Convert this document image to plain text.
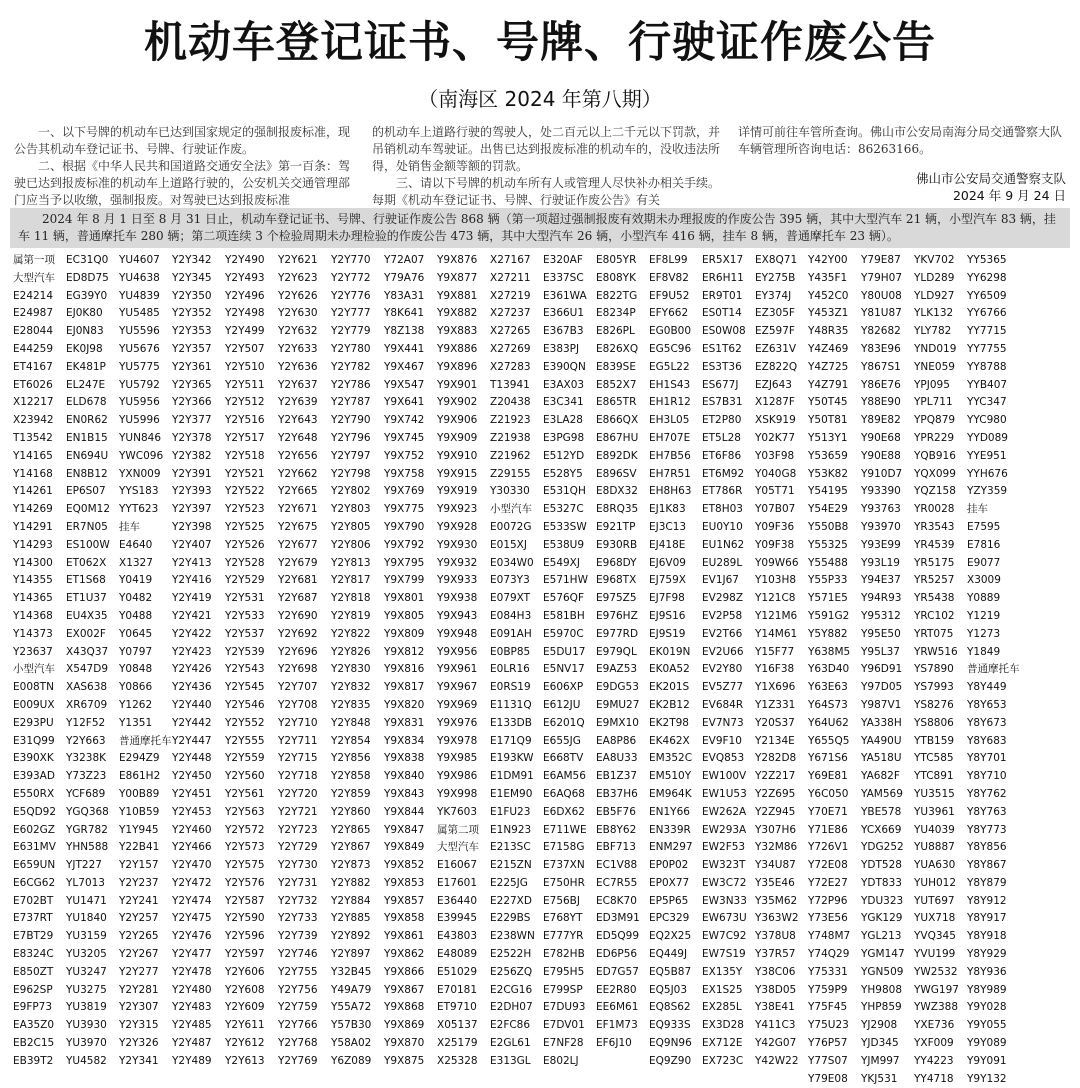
机动车登记证书、号牌、行驶证作废公告
（南海区 2024 年第八期）

一、以下号牌的机动车已达到国家规定的强制报废标准，现公告其机动车登记证书、号牌、行驶证作废。

二、根据《中华人民共和国道路交通安全法》第一百条：驾驶已达到报废标准的机动车上道路行驶的，公安机关交通管理部门应当予以收缴，强制报废。对驾驶已达到报废标准

的机动车上道路行驶的驾驶人，处二百元以上二千元以下罚款，并吊销机动车驾驶证。出售已达到报废标准的机动车的，没收违法所得，处销售金额等额的罚款。

三、请以下号牌的机动车所有人或管理人尽快补办相关手续。每期《机动车登记证书、号牌、行驶证作废公告》有关

详情可前往车管所查询。佛山市公安局南海分局交通警察大队车辆管理所咨询电话：86263166。

佛山市公安局交通警察支队
2024 年 9 月 24 日
2024 年 8 月 1 日至 8 月 31 日止，机动车登记证书、号牌、行驶证作废公告 868 辆（第一项超过强制报废有效期未办理报废的作废公告 395 辆，其中大型汽车 21 辆，小型汽车 83 辆，挂车 11 辆，普通摩托车 280 辆；第二项连续 3 个检验周期未办理检验的作废公告 473 辆，其中大型汽车 26 辆，小型汽车 416 辆，挂车 8 辆，普通摩托车 23 辆）。
属第一项
大型汽车
E24214
E24987
E28044
E44259
ET4167
ET6026
X12217
X23942
T13542
Y14165
Y14168
Y14261
Y14269
Y14291
Y14293
Y14300
Y14355
Y14365
Y14368
Y14373
Y23637
小型汽车
E008TN
E009UX
E293PU
E31Q99
E390XK
E393AD
E550RX
E5QD92
E602GZ
E631MV
E659UN
E6CG62
E702BT
E737RT
E7BT29
E8324C
E850ZT
E962SP
E9FP73
EA35Z0
EB2C15
EB39T2
EC31Q0
ED8D75
EG39Y0
EJ0K80
EJ0N83
EK0J98
EK481P
EL247E
ELD678
EN0R62
EN1B15
EN694U
EN8B12
EP6S07
EQ0M12
ER7N05
ES100W
ET062X
ET1S68
ET1U37
EU4X35
EX002F
X43Q37
X547D9
XAS638
XR6709
Y12F52
Y2Y663
Y3238K
Y73Z23
YCF689
YGQ368
YGR782
YHN588
YJT227
YL7013
YU1471
YU1840
YU3159
YU3205
YU3247
YU3275
YU3819
YU3930
YU3970
YU4582
YU4607
YU4638
YU4839
YU5485
YU5596
YU5676
YU5775
YU5792
YU5956
YU5996
YUN846
YWC096
YXN009
YYS183
YYT623
挂车
E4640
X1327
Y0419
Y0482
Y0488
Y0645
Y0797
Y0848
Y0866
Y1262
Y1351
普通摩托车
E294Z9
E861H2
Y00B89
Y10B59
Y1Y945
Y22B41
Y2Y157
Y2Y237
Y2Y241
Y2Y257
Y2Y265
Y2Y267
Y2Y277
Y2Y281
Y2Y307
Y2Y315
Y2Y326
Y2Y341
Y2Y342
Y2Y345
Y2Y350
Y2Y352
Y2Y353
Y2Y357
Y2Y361
Y2Y365
Y2Y366
Y2Y377
Y2Y378
Y2Y382
Y2Y391
Y2Y393
Y2Y397
Y2Y398
Y2Y407
Y2Y413
Y2Y416
Y2Y419
Y2Y421
Y2Y422
Y2Y423
Y2Y426
Y2Y436
Y2Y440
Y2Y442
Y2Y447
Y2Y448
Y2Y450
Y2Y451
Y2Y453
Y2Y460
Y2Y466
Y2Y470
Y2Y472
Y2Y474
Y2Y475
Y2Y476
Y2Y477
Y2Y478
Y2Y480
Y2Y483
Y2Y485
Y2Y487
Y2Y489
Y2Y490
Y2Y493
Y2Y496
Y2Y498
Y2Y499
Y2Y507
Y2Y510
Y2Y511
Y2Y512
Y2Y516
Y2Y517
Y2Y518
Y2Y521
Y2Y522
Y2Y523
Y2Y525
Y2Y526
Y2Y528
Y2Y529
Y2Y531
Y2Y533
Y2Y537
Y2Y539
Y2Y543
Y2Y545
Y2Y546
Y2Y552
Y2Y555
Y2Y559
Y2Y560
Y2Y561
Y2Y563
Y2Y572
Y2Y573
Y2Y575
Y2Y576
Y2Y587
Y2Y590
Y2Y596
Y2Y597
Y2Y606
Y2Y608
Y2Y609
Y2Y611
Y2Y612
Y2Y613
Y2Y621
Y2Y623
Y2Y626
Y2Y630
Y2Y632
Y2Y633
Y2Y636
Y2Y637
Y2Y639
Y2Y643
Y2Y648
Y2Y656
Y2Y662
Y2Y665
Y2Y671
Y2Y675
Y2Y677
Y2Y679
Y2Y681
Y2Y687
Y2Y690
Y2Y692
Y2Y696
Y2Y698
Y2Y707
Y2Y708
Y2Y710
Y2Y711
Y2Y715
Y2Y718
Y2Y720
Y2Y721
Y2Y723
Y2Y729
Y2Y730
Y2Y731
Y2Y732
Y2Y733
Y2Y739
Y2Y746
Y2Y755
Y2Y756
Y2Y759
Y2Y766
Y2Y768
Y2Y769
Y2Y770
Y2Y772
Y2Y776
Y2Y777
Y2Y779
Y2Y780
Y2Y782
Y2Y786
Y2Y787
Y2Y790
Y2Y796
Y2Y797
Y2Y798
Y2Y802
Y2Y803
Y2Y805
Y2Y806
Y2Y813
Y2Y817
Y2Y818
Y2Y819
Y2Y822
Y2Y826
Y2Y830
Y2Y832
Y2Y835
Y2Y848
Y2Y854
Y2Y856
Y2Y858
Y2Y859
Y2Y860
Y2Y865
Y2Y867
Y2Y873
Y2Y882
Y2Y884
Y2Y885
Y2Y892
Y2Y897
Y32B45
Y49A79
Y55A72
Y57B30
Y58A02
Y6Z089
Y72A07
Y79A76
Y83A31
Y8K641
Y8Z138
Y9X441
Y9X467
Y9X547
Y9X641
Y9X742
Y9X745
Y9X752
Y9X758
Y9X769
Y9X775
Y9X790
Y9X792
Y9X795
Y9X799
Y9X801
Y9X805
Y9X809
Y9X812
Y9X816
Y9X817
Y9X820
Y9X831
Y9X834
Y9X838
Y9X840
Y9X843
Y9X844
Y9X847
Y9X849
Y9X852
Y9X853
Y9X857
Y9X858
Y9X861
Y9X862
Y9X866
Y9X867
Y9X868
Y9X869
Y9X870
Y9X875
Y9X876
Y9X877
Y9X881
Y9X882
Y9X883
Y9X886
Y9X896
Y9X901
Y9X902
Y9X906
Y9X909
Y9X910
Y9X915
Y9X919
Y9X923
Y9X928
Y9X930
Y9X932
Y9X933
Y9X938
Y9X943
Y9X948
Y9X956
Y9X961
Y9X967
Y9X969
Y9X976
Y9X978
Y9X985
Y9X986
Y9X998
YK7603
属第二项
大型汽车
E16067
E17601
E36440
E39945
E43803
E48089
E51029
E70181
ET9710
X05137
X25179
X25328
X27167
X27211
X27219
X27237
X27265
X27269
X27283
T13941
Z20438
Z21923
Z21938
Z21962
Z29155
Y30330
小型汽车
E0072G
E015XJ
E034W0
E073Y3
E079XT
E084H3
E091AH
E0BP85
E0LR16
E0RS19
E1131Q
E133DB
E171Q9
E193KW
E1DM91
E1EM90
E1FU23
E1N923
E213SC
E215ZN
E225JG
E227XD
E229BS
E238WN
E2522H
E256ZQ
E2CG16
E2DH07
E2FC86
E2GL61
E313GL
E320AF
E337SC
E361WA
E366U1
E367B3
E383PJ
E390QN
E3AX03
E3C341
E3LA28
E3PG98
E512YD
E528Y5
E531QH
E5327C
E533SW
E538U9
E549XJ
E571HW
E576QF
E581BH
E5970C
E5DU17
E5NV17
E606XP
E612JU
E6201Q
E655JG
E668TV
E6AM56
E6AQ68
E6DX62
E711WE
E7158G
E737XN
E750HR
E756BJ
E768YT
E777YR
E782HB
E795H5
E799SP
E7DU93
E7DV01
E7NF28
E802LJ
E805YR
E808YK
E822TG
E8234P
E826PL
E826XQ
E839SE
E852X7
E865TR
E866QX
E867HU
E892DK
E896SV
E8DX32
E8RQ35
E921TP
E930RB
E968DY
E968TX
E975Z5
E976HZ
E977RD
E979QL
E9AZ53
E9DG53
E9MU27
E9MX10
EA8P86
EA8U33
EB1Z37
EB37H6
EB5F76
EB8Y62
EBF713
EC1V88
EC7R55
EC8K70
ED3M91
ED5Q99
ED6P56
ED7G57
EE2R80
EE6M61
EF1M73
EF6J10
EF8L99
EF8V82
EF9U52
EFY662
EG0B00
EG5C96
EG5L22
EH1S43
EH1R12
EH3L05
EH707E
EH7B56
EH7R51
EH8H63
EJ1K83
EJ3C13
EJ418E
EJ6V09
EJ759X
EJ7F98
EJ9S16
EJ9S19
EK019N
EK0A52
EK201S
EK2B12
EK2T98
EK462X
EM352C
EM510Y
EM964K
EN1Y66
EN339R
ENM297
EP0P02
EP0X77
EP5P65
EPC329
EQ2X25
EQ449J
EQ5B87
EQ5J03
EQ8S62
EQ933S
EQ9N96
EQ9Z90
ER5X17
ER6H11
ER9T01
ES0T14
ES0W08
ES1T62
ES3T36
ES677J
ES7B31
ET2P80
ET5L28
ET6F86
ET6M92
ET786R
ET8H03
EU0Y10
EU1N62
EU289L
EV1J67
EV298Z
EV2P58
EV2T66
EV2U66
EV2Y80
EV5Z77
EV684R
EV7N73
EV9F10
EVQ853
EW100V
EW1U53
EW262A
EW293A
EW2F53
EW323T
EW3C72
EW3N33
EW673U
EW7C92
EW7S19
EX135Y
EX1S25
EX285L
EX3D28
EX712E
EX723C
EX8Q71
EY275B
EY374J
EZ305F
EZ597F
EZ631V
EZ822Q
EZJ643
X1287F
XSK919
Y02K77
Y03F98
Y040G8
Y05T71
Y07B07
Y09F36
Y09F38
Y09W66
Y103H8
Y121C8
Y121M6
Y14M61
Y15F77
Y16F38
Y1X696
Y1Z331
Y20S37
Y2134E
Y282D8
Y2Z217
Y2Z695
Y2Z945
Y307H6
Y32M86
Y34U87
Y35E46
Y35M62
Y363W2
Y378U8
Y37R57
Y38C06
Y38D05
Y38E41
Y411C3
Y42G07
Y42W22
Y42Y00
Y435F1
Y452C0
Y453Z1
Y48R35
Y4Z469
Y4Z725
Y4Z791
Y50T45
Y50T81
Y513Y1
Y53659
Y53K82
Y54195
Y54E29
Y550B8
Y55325
Y55488
Y55P33
Y571E5
Y591G2
Y5Y882
Y638M5
Y63D40
Y63E63
Y64S73
Y64U62
Y655Q5
Y671S6
Y69E81
Y6C050
Y70E71
Y71E86
Y726V1
Y72E08
Y72E27
Y72P96
Y73E56
Y748M7
Y74Q29
Y75331
Y759P9
Y75F45
Y75U23
Y76P57
Y77S07
Y79E08
Y79E87
Y79H07
Y80U08
Y81U87
Y82682
Y83E96
Y867S1
Y86E76
Y88E90
Y89E82
Y90E68
Y90E88
Y910D7
Y93390
Y93763
Y93970
Y93E99
Y93L19
Y94E37
Y94R93
Y95312
Y95E50
Y95L37
Y96D91
Y97D05
Y987V1
YA338H
YA490U
YA518U
YA682F
YAM569
YBE578
YCX669
YDG252
YDT528
YDT833
YDU323
YGK129
YGL213
YGM147
YGN509
YH9808
YHP859
YJ2908
YJD345
YJM997
YKJ531
YKV702
YLD289
YLD927
YLK132
YLY782
YND019
YNE059
YPJ095
YPL711
YPQ879
YPR229
YQB916
YQX099
YQZ158
YR0028
YR3543
YR4539
YR5175
YR5257
YR5438
YRC102
YRT075
YRW516
YS7890
YS7993
YS8276
YS8806
YTB159
YTC585
YTC891
YU3515
YU3961
YU4039
YU8887
YUA630
YUH012
YUT697
YUX718
YVQ345
YVU199
YW2532
YWG197
YWZ388
YXE736
YXF009
YY4223
YY4718
YY5365
YY6298
YY6509
YY6766
YY7715
YY7755
YY8788
YYB407
YYC347
YYC980
YYD089
YYE951
YYH676
YZY359
挂车
E7595
E7816
E9077
X3009
Y0889
Y1219
Y1273
Y1849
普通摩托车
Y8Y449
Y8Y653
Y8Y673
Y8Y683
Y8Y701
Y8Y710
Y8Y762
Y8Y763
Y8Y773
Y8Y856
Y8Y867
Y8Y879
Y8Y912
Y8Y917
Y8Y918
Y8Y929
Y8Y936
Y8Y989
Y9Y028
Y9Y055
Y9Y089
Y9Y091
Y9Y132
